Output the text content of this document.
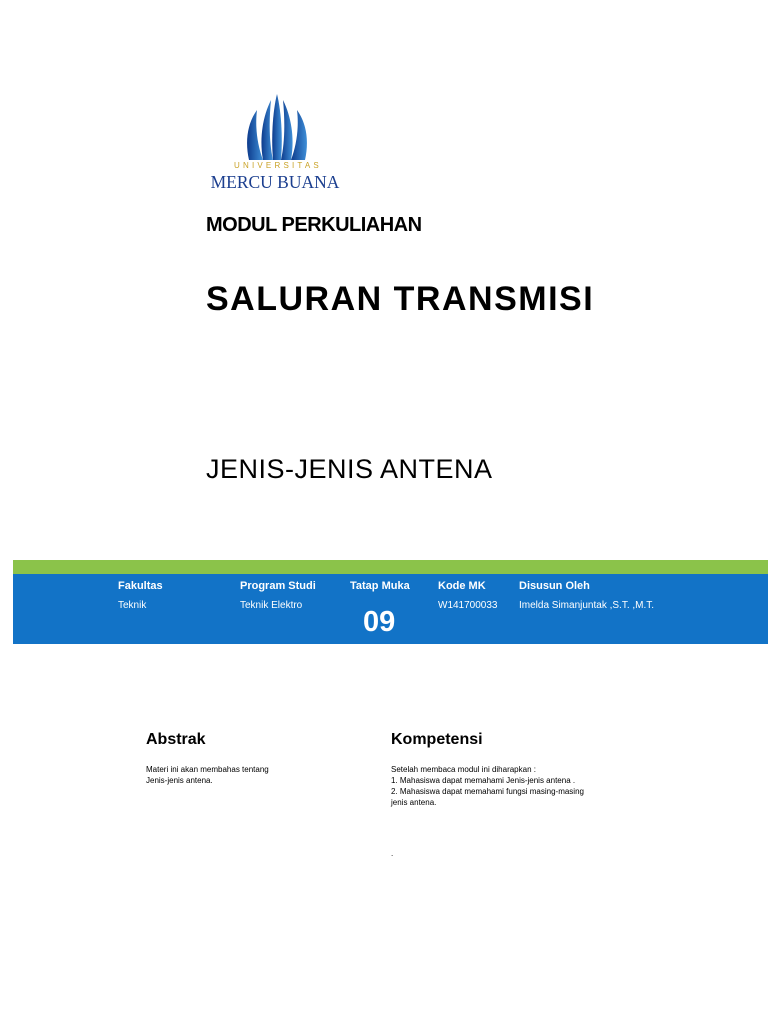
UNIVERSITAS
MERCU BUANA
MODUL PERKULIAHAN
SALURAN TRANSMISI
JENIS-JENIS ANTENA
Fakultas
Teknik
Program Studi
Teknik Elektro
Tatap Muka
09
Kode MK
W141700033
Disusun Oleh
Imelda Simanjuntak ,S.T. ,M.T.
Abstrak
Materi ini akan membahas tentang
Jenis-jenis antena.
Kompetensi
Setelah membaca modul ini diharapkan :
1. Mahasiswa dapat memahami Jenis-jenis antena .
2. Mahasiswa dapat memahami fungsi masing-masing
jenis antena.
.
